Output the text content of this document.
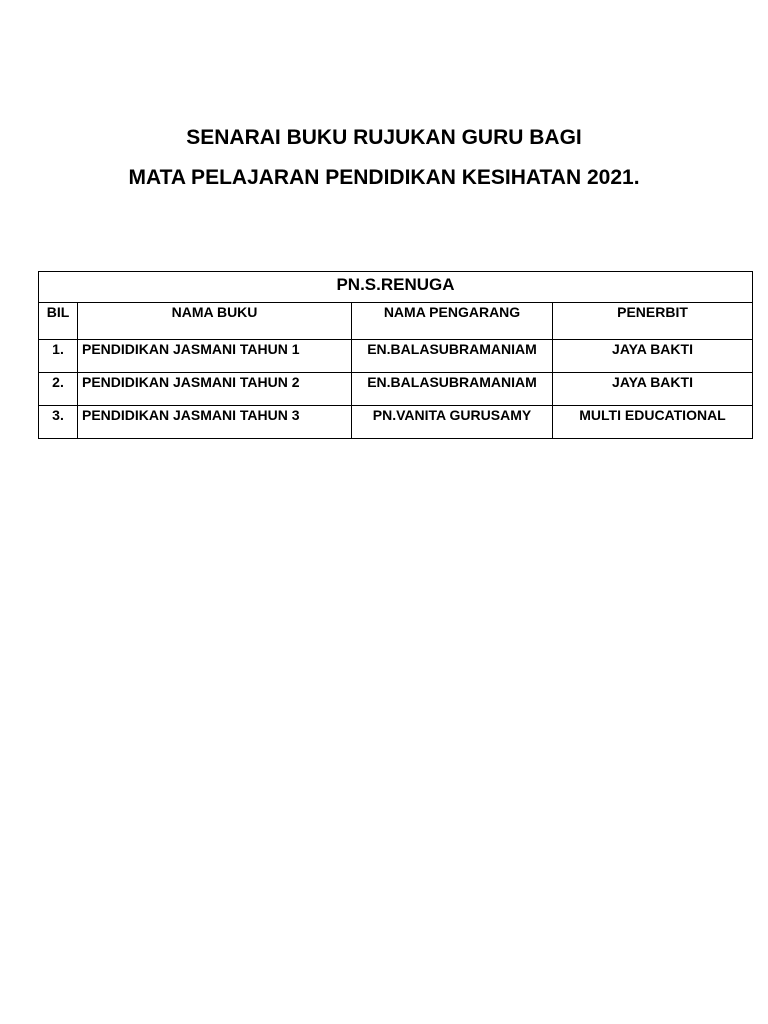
SENARAI BUKU RUJUKAN GURU BAGI

MATA PELAJARAN PENDIDIKAN KESIHATAN 2021.

PN.S.RENUGA			
BIL	NAMA BUKU	NAMA PENGARANG	PENERBIT
1.	PENDIDIKAN JASMANI TAHUN 1	EN.BALASUBRAMANIAM	JAYA BAKTI
2.	PENDIDIKAN JASMANI TAHUN 2	EN.BALASUBRAMANIAM	JAYA BAKTI
3.	PENDIDIKAN JASMANI TAHUN 3	PN.VANITA GURUSAMY	MULTI EDUCATIONAL
